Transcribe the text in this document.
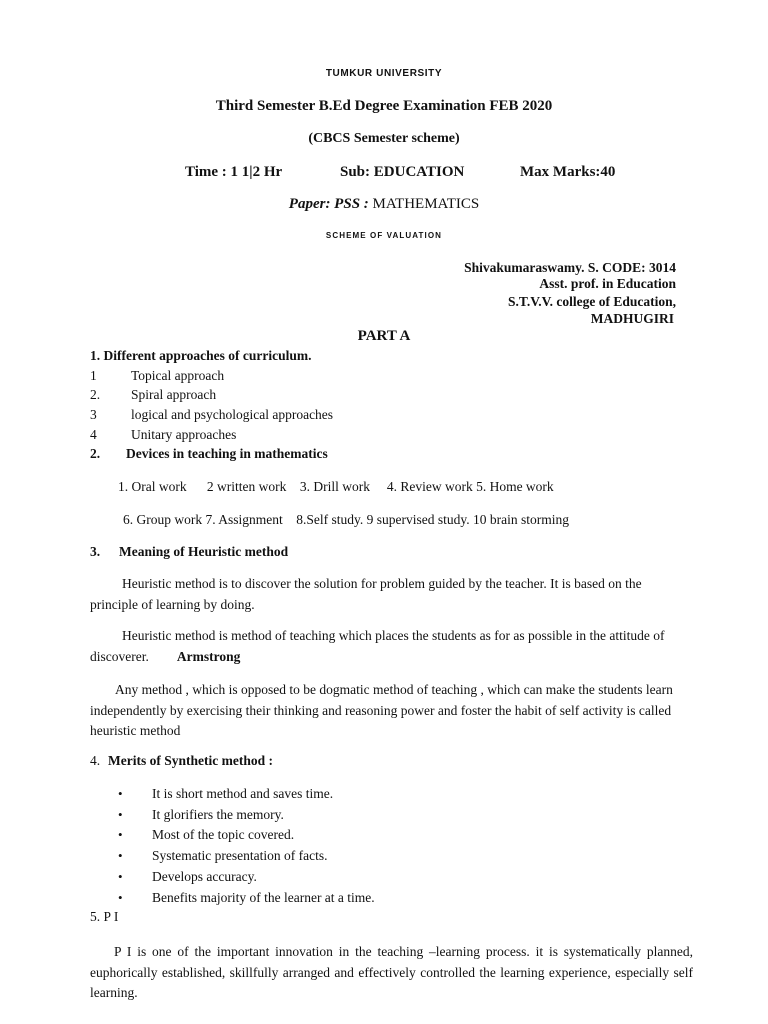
TUMKUR UNIVERSITY
Third Semester B.Ed Degree Examination FEB 2020
(CBCS Semester scheme)
Time : 1 1|2 Hr	Sub: EDUCATION	Max Marks:40
Paper: PSS : MATHEMATICS
SCHEME OF VALUATION
Shivakumaraswamy. S. CODE: 3014
Asst. prof. in Education
S.T.V.V. college of Education,
MADHUGIRI
PART A
1. Different approaches of curriculum.
1	Topical approach
2. Spiral approach
3	logical and psychological approaches
4	Unitary approaches
2. Devices in teaching in mathematics
1. Oral work      2 written work    3. Drill work     4. Review work 5. Home work
6. Group work 7. Assignment    8.Self study. 9 supervised study. 10 brain storming
3. Meaning of Heuristic method
Heuristic method is to discover the solution for problem guided by the teacher. It is based on the principle of learning by doing.
Heuristic method is method of teaching which places the students as for as possible in the attitude of discoverer. Armstrong
Any method , which is opposed to be dogmatic method of teaching , which can make the students learn independently by exercising their thinking and reasoning power and foster the habit of self activity is called heuristic method
4. Merits of Synthetic method :
• It is short method and saves time.
• It glorifiers the memory.
• Most of the topic covered.
• Systematic presentation of facts.
• Develops accuracy.
• Benefits majority of the learner at a time.
5. P I
P I is one of the important innovation in the teaching –learning process. it is systematically planned, euphorically established, skillfully arranged and effectively controlled the learning experience, especially self learning.
